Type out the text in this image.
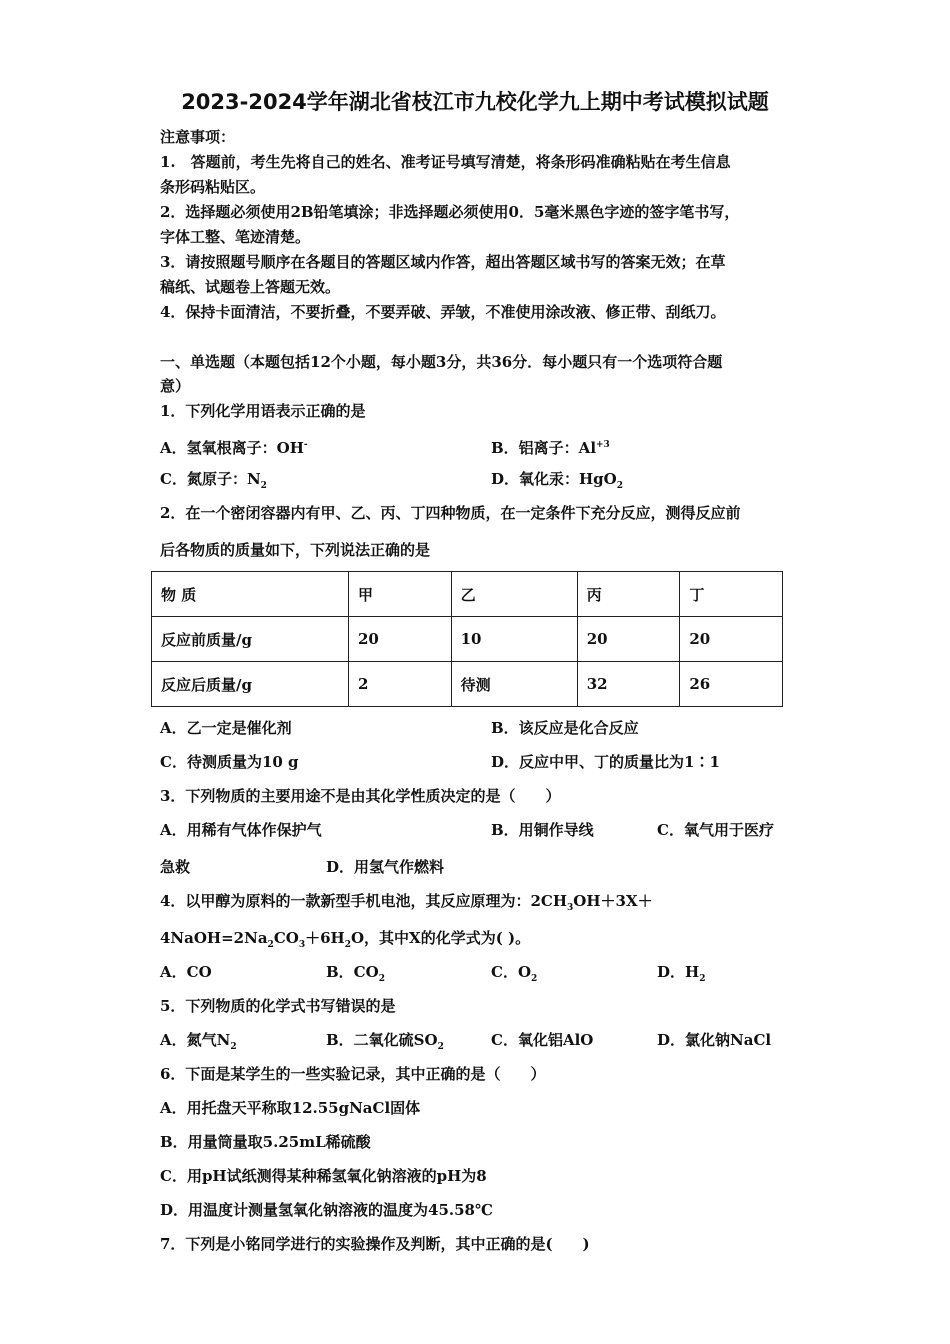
2023-2024学年湖北省枝江市九校化学九上期中考试模拟试题
注意事项：
1.　答题前，考生先将自己的姓名、准考证号填写清楚，将条形码准确粘贴在考生信息
条形码粘贴区。
2．选择题必须使用2B铅笔填涂；非选择题必须使用0．5毫米黑色字迹的签字笔书写，
字体工整、笔迹清楚。
3．请按照题号顺序在各题目的答题区域内作答，超出答题区域书写的答案无效；在草
稿纸、试题卷上答题无效。
4．保持卡面清洁，不要折叠，不要弄破、弄皱，不准使用涂改液、修正带、刮纸刀。
一、单选题（本题包括12个小题，每小题3分，共36分．每小题只有一个选项符合题
意）
1．下列化学用语表示正确的是
A．氢氧根离子：OH-	B．铝离子：$Al^{+3}$
C．氮原子：$N_2$	D．氧化汞：HgO$_2$
2．在一个密闭容器内有甲、乙、丙、丁四种物质，在一定条件下充分反应，测得反应前
后各物质的质量如下，下列说法正确的是
物 质	甲	乙	丙	丁
反应前质量/g	20	10	20	20
反应后质量/g	2	待测	32	26
A．乙一定是催化剂	B．该反应是化合反应
C．待测质量为10 g	D．反应中甲、丁的质量比为1∶1
3．下列物质的主要用途不是由其化学性质决定的是（　　）
A．用稀有气体作保护气	B．用铜作导线	C．氧气用于医疗
急救	D．用氢气作燃料
4．以甲醇为原料的一款新型手机电池，其反应原理为：$2CH_3OH+3X+$
$4NaOH=2Na_2CO_3+6H_2O$，其中X的化学式为( )。
A．CO	B．$CO_2$	C．$O_2$	D．$H_2$
5．下列物质的化学式书写错误的是
A．氮气$N_2$	B．二氧化硫$SO_2$	C．氧化铝AlO	D．氯化钠NaCl
6．下面是某学生的一些实验记录，其中正确的是（　　）
A．用托盘天平称取12.55gNaCl固体
B．用量筒量取5.25mL稀硫酸
C．用pH试纸测得某种稀氢氧化钠溶液的pH为8
D．用温度计测量氢氧化钠溶液的温度为45.58℃
7．下列是小铭同学进行的实验操作及判断，其中正确的是(　　)
